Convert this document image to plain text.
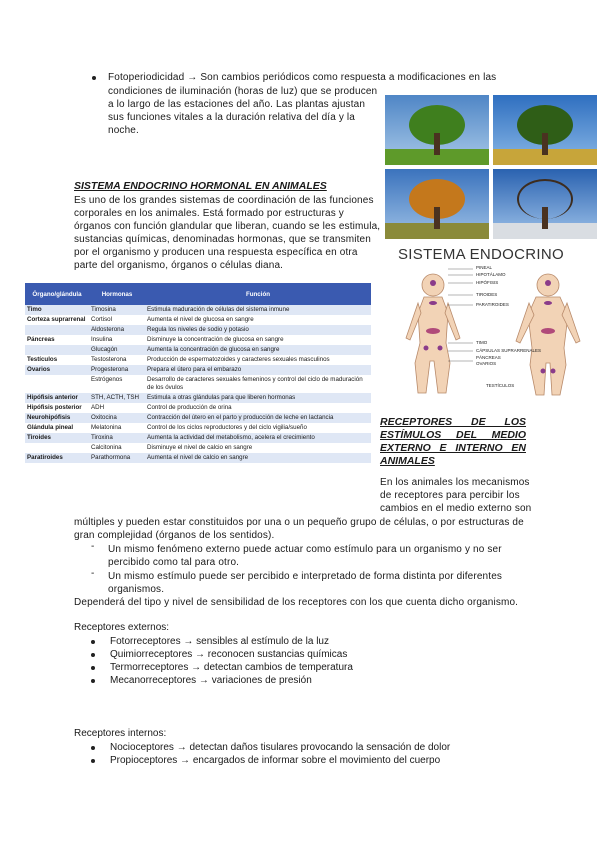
Fotoperiodicidad → Son cambios periódicos como respuesta a modificaciones en las
condiciones de iluminación (horas de luz) que se producen
a lo largo de las estaciones del año. Las plantas ajustan
sus funciones vitales a la duración relativa del día y la
noche.
SISTEMA ENDOCRINO HORMONAL EN ANIMALES
Es uno de los grandes sistemas de coordinación de las funciones
corporales en los animales. Está formado por estructuras y
órganos con función glandular que liberan, cuando se les estimula,
sustancias químicas, denominadas hormonas, que se transmiten
por el organismo y producen una respuesta específica en otra
parte del organismo, órganos o células diana.
Órgano/glándula	Hormonas	Función
Timo	Timosina	Estimula maduración de células del sistema inmune
Corteza suprarrenal	Cortisol	Aumenta el nivel de glucosa en sangre
	Aldosterona	Regula los niveles de sodio y potasio
Páncreas	Insulina	Disminuye la concentración de glucosa en sangre
	Glucagón	Aumenta la concentración de glucosa en sangre
Testículos	Testosterona	Producción de espermatozoides y caracteres sexuales masculinos
Ovarios	Progesterona	Prepara el útero para el embarazo
	Estrógenos	Desarrollo de caracteres sexuales femeninos y control del ciclo de maduración de los óvulos
Hipófisis anterior	STH, ACTH, TSH	Estimula a otras glándulas para que liberen hormonas
Hipófisis posterior	ADH	Control de producción de orina
Neurohipófisis	Oxitocina	Contracción del útero en el parto y producción de leche en lactancia
Glándula pineal	Melatonina	Control de los ciclos reproductores y del ciclo vigilia/sueño
Tiroides	Tiroxina	Aumenta la actividad del metabolismo, acelera el crecimiento
	Calcitonina	Disminuye el nivel de calcio en sangre
Paratiroides	Parathormona	Aumenta el nivel de calcio en sangre
SISTEMA ENDOCRINO
PINEAL
HIPOTÁLAMO
HIPÓFISIS
TIROIDES
PARATIROIDES
TIMO
CÁPSULAS SUPRARRENALES
PÁNCREAS
OVARIOS
TESTÍCULOS
RECEPTORES DE LOS
ESTÍMULOS DEL MEDIO
EXTERNO E INTERNO EN
ANIMALES
En los animales los mecanismos
de receptores para percibir los
cambios en el medio externo son
múltiples y pueden estar constituidos por una o un pequeño grupo de células, o por estructuras de
gran complejidad (órganos de los sentidos).
- Un mismo fenómeno externo puede actuar como estímulo para un organismo y no ser
percibido como tal para otro.
- Un mismo estímulo puede ser percibido e interpretado de forma distinta por diferentes
organismos.
Dependerá del tipo y nivel de sensibilidad de los receptores con los que cuenta dicho organismo.
Receptores externos:
Fotorreceptores → sensibles al estímulo de la luz
Quimiorreceptores → reconocen sustancias químicas
Termorreceptores → detectan cambios de temperatura
Mecanorreceptores → variaciones de presión
Receptores internos:
Nocioceptores → detectan daños tisulares provocando la sensación de dolor
Propioceptores → encargados de informar sobre el movimiento del cuerpo
